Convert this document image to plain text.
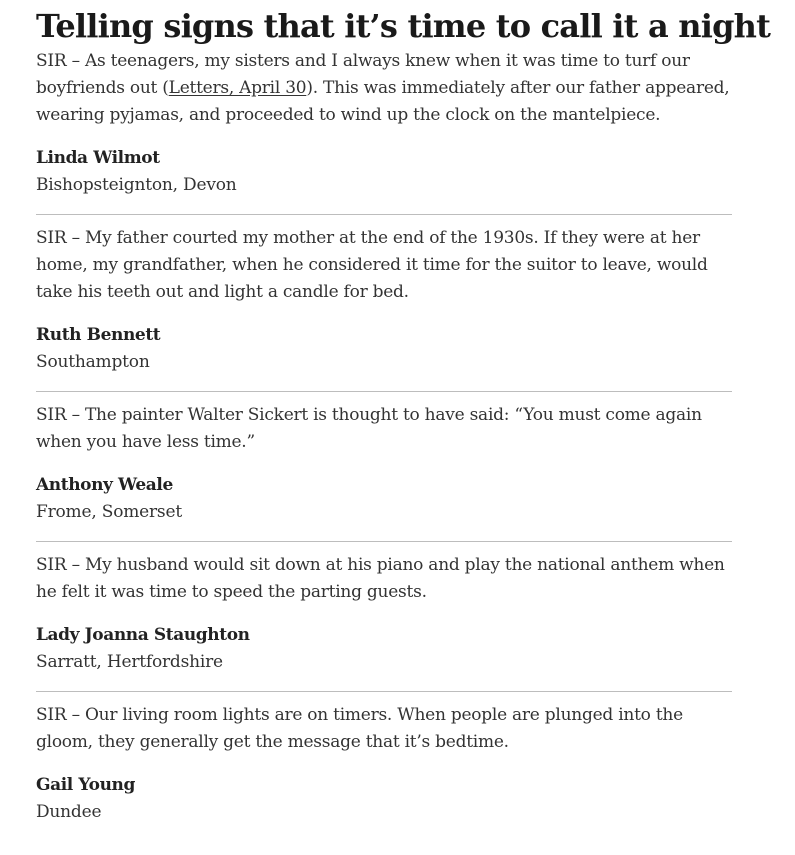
Telling signs that it’s time to call it a night

SIR – As teenagers, my sisters and I always knew when it was time to turf our boyfriends out (Letters, April 30). This was immediately after our father appeared, wearing pyjamas, and proceeded to wind up the clock on the mantelpiece.

Linda Wilmot

Bishopsteignton, Devon

SIR – My father courted my mother at the end of the 1930s. If they were at her home, my grandfather, when he considered it time for the suitor to leave, would take his teeth out and light a candle for bed.

Ruth Bennett

Southampton

SIR – The painter Walter Sickert is thought to have said: “You must come again when you have less time.”

Anthony Weale

Frome, Somerset

SIR – My husband would sit down at his piano and play the national anthem when he felt it was time to speed the parting guests.

Lady Joanna Staughton

Sarratt, Hertfordshire

SIR – Our living room lights are on timers. When people are plunged into the gloom, they generally get the message that it’s bedtime.

Gail Young

Dundee
